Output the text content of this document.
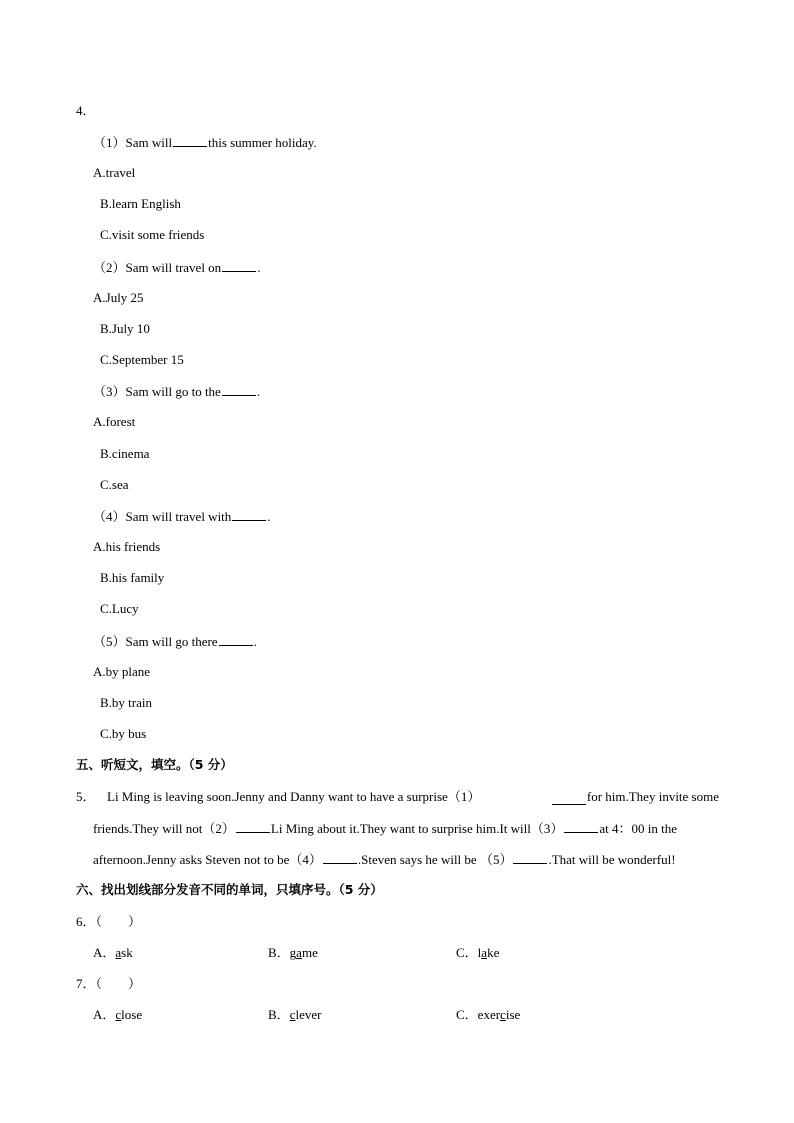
4．
（1）Sam will	this summer holiday.
A.travel
B.learn English
C.visit some friends
（2）Sam will travel on	.
A.July 25
B.July 10
C.September 15
（3）Sam will go to the	.
A.forest
B.cinema
C.sea
（4）Sam will travel with	.
A.his friends
B.his family
C.Lucy
（5）Sam will go there	.
A.by plane
B.by train
C.by bus
五、听短文，填空。（5 分）
5． Li Ming is leaving soon.Jenny and Danny want to have a surprise（1）	for him.They invite some
friends.They will not（2）	Li Ming about it.They want to surprise him.It will（3）	at 4：00 in the
afternoon.Jenny asks Steven not to be（4）	.Steven says he will be （5）	.That will be wonderful!
六、找出划线部分发音不同的单词，只填序号。（5 分）
6．（　　）
A．ask	B．game	C．lake
7．（　　）
A．close	B．clever	C．exercise
